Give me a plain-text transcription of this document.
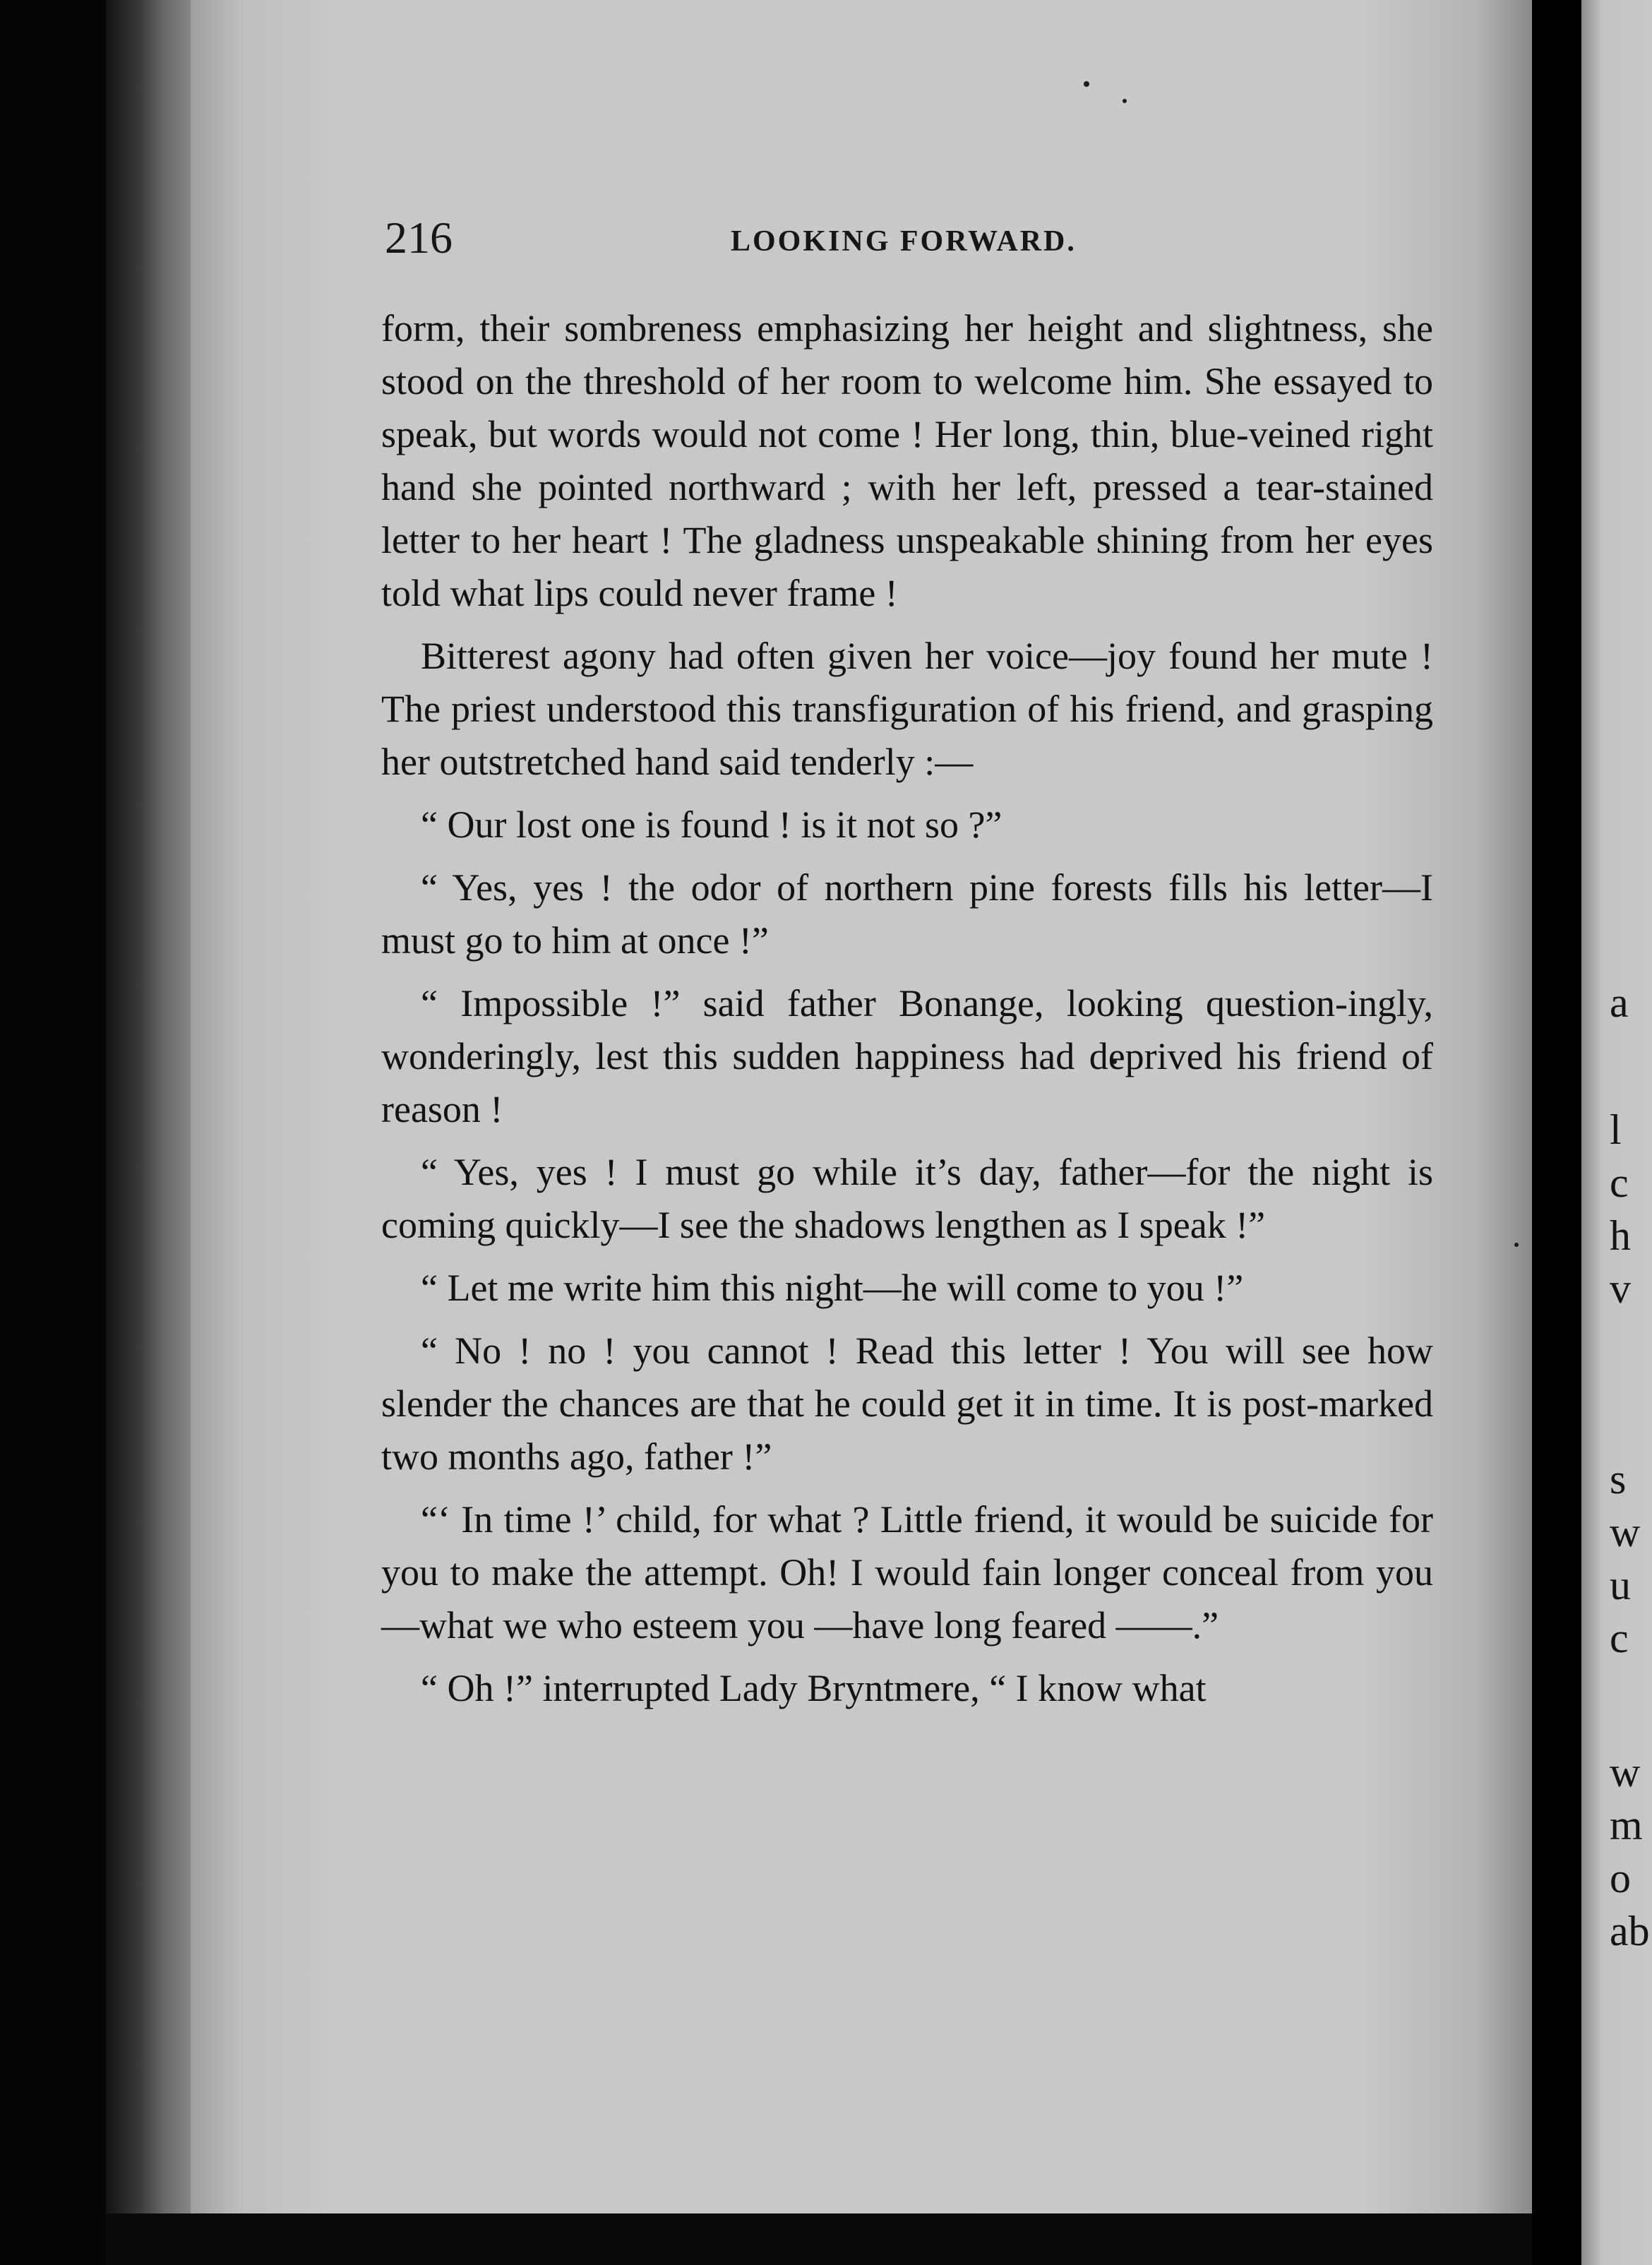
216	LOOKING FORWARD.

form, their sombreness emphasizing her height and slightness, she stood on the threshold of her room to welcome him. She essayed to speak, but words would not come ! Her long, thin, blue-veined right hand she pointed northward ; with her left, pressed a tear-stained letter to her heart ! The gladness unspeakable shining from her eyes told what lips could never frame !

Bitterest agony had often given her voice—joy found her mute ! The priest understood this transfiguration of his friend, and grasping her outstretched hand said tenderly :—

“ Our lost one is found ! is it not so ?”

“ Yes, yes ! the odor of northern pine forests fills his letter—I must go to him at once !”

“ Impossible !” said father Bonange, looking question-ingly, wonderingly, lest this sudden happiness had deprived his friend of reason !

“ Yes, yes ! I must go while it’s day, father—for the night is coming quickly—I see the shadows lengthen as I speak !”

“ Let me write him this night—he will come to you !”

“ No ! no ! you cannot ! Read this letter ! You will see how slender the chances are that he could get it in time. It is post-marked two months ago, father !”

“‘ In time !’ child, for what ? Little friend, it would be suicide for you to make the attempt. Oh! I would fain longer conceal from you—what we who esteem you —have long feared ——.”

“ Oh !” interrupted Lady Bryntmere, “ I know what

a
l
c
h
v
s
w
u
c
w
m
o
ab
